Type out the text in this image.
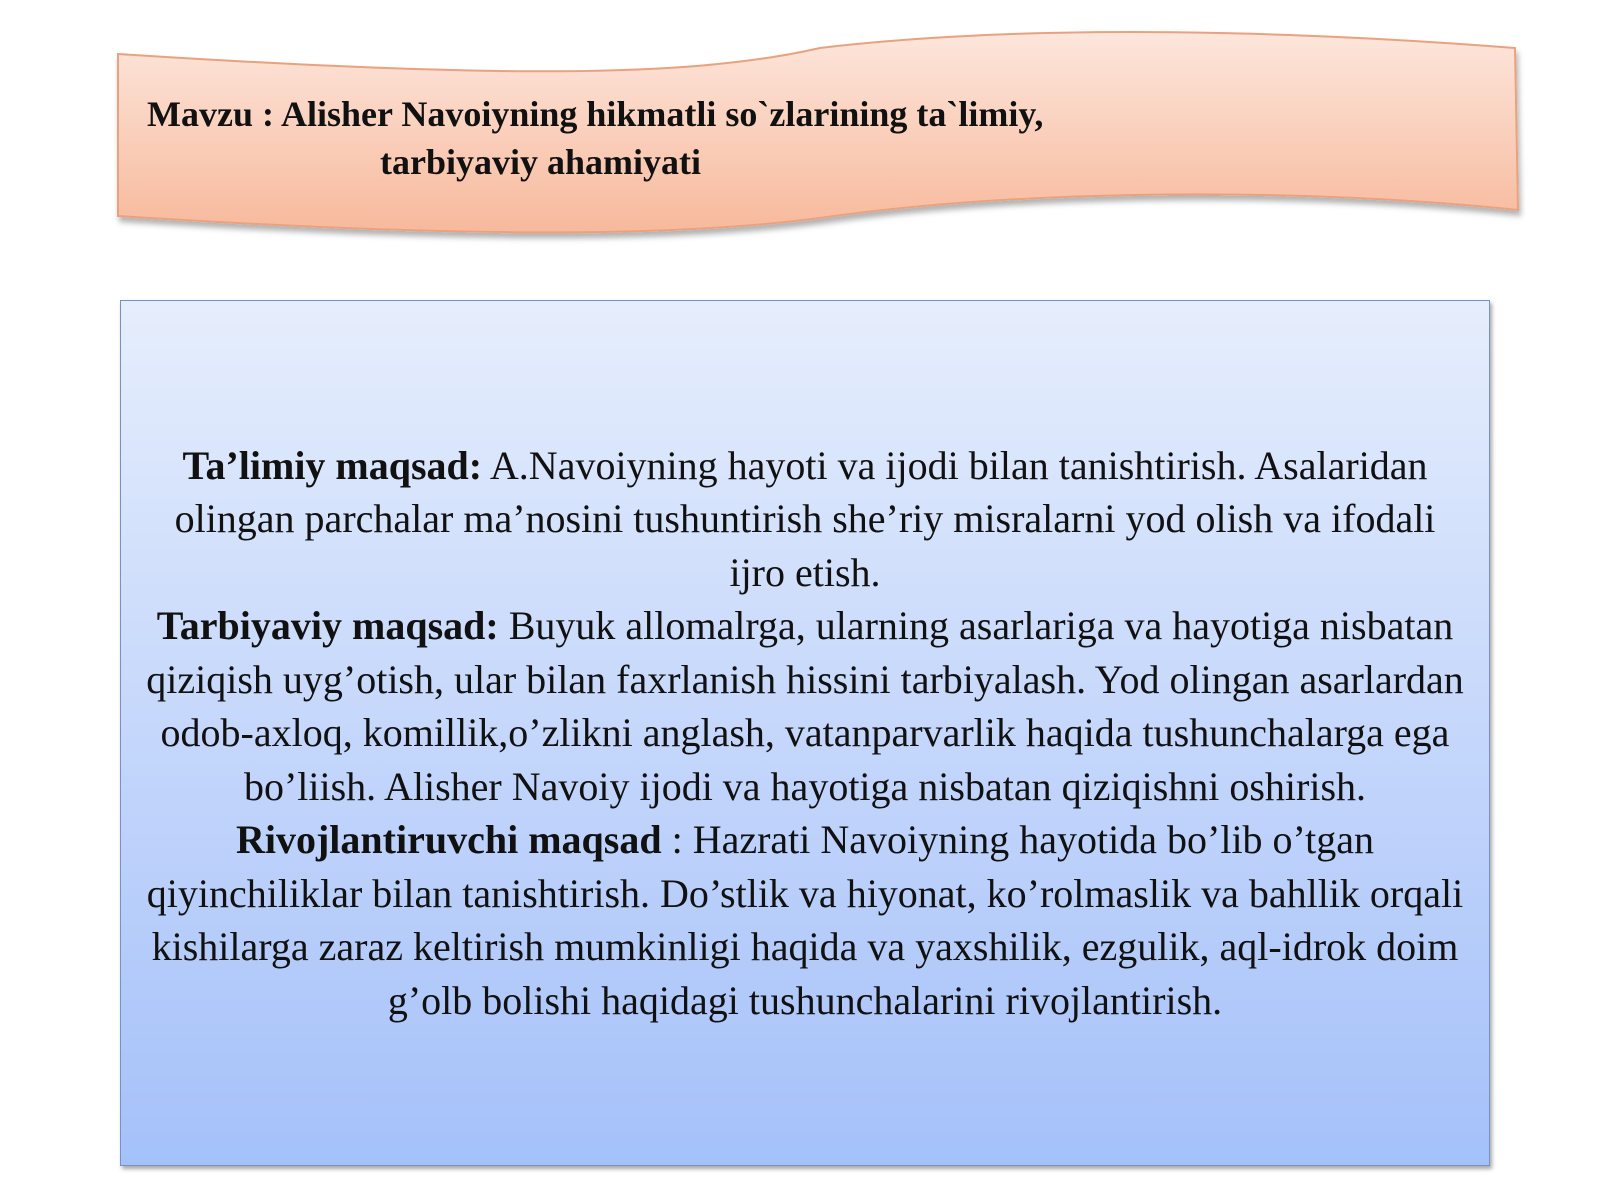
Mavzu : Alisher Navoiyning hikmatli so`zlarining ta`limiy,
tarbiyaviy ahamiyati

Ta’limiy maqsad: A.Navoiyning hayoti va ijodi bilan tanishtirish. Asalaridan olingan parchalar ma’nosini tushuntirish she’riy misralarni yod olish va ifodali ijro etish.
Tarbiyaviy maqsad: Buyuk allomalrga, ularning asarlariga va hayotiga nisbatan qiziqish uyg’otish, ular bilan faxrlanish hissini tarbiyalash. Yod olingan asarlardan odob-axloq, komillik,o’zlikni anglash, vatanparvarlik haqida tushunchalarga ega bo’liish. Alisher Navoiy ijodi va hayotiga nisbatan qiziqishni oshirish.
Rivojlantiruvchi maqsad : Hazrati Navoiyning hayotida bo’lib o’tgan qiyinchiliklar bilan tanishtirish. Do’stlik va hiyonat, ko’rolmaslik va bahllik orqali kishilarga zaraz keltirish mumkinligi haqida va yaxshilik, ezgulik, aql-idrok doim g’olb bolishi haqidagi tushunchalarini rivojlantirish.
